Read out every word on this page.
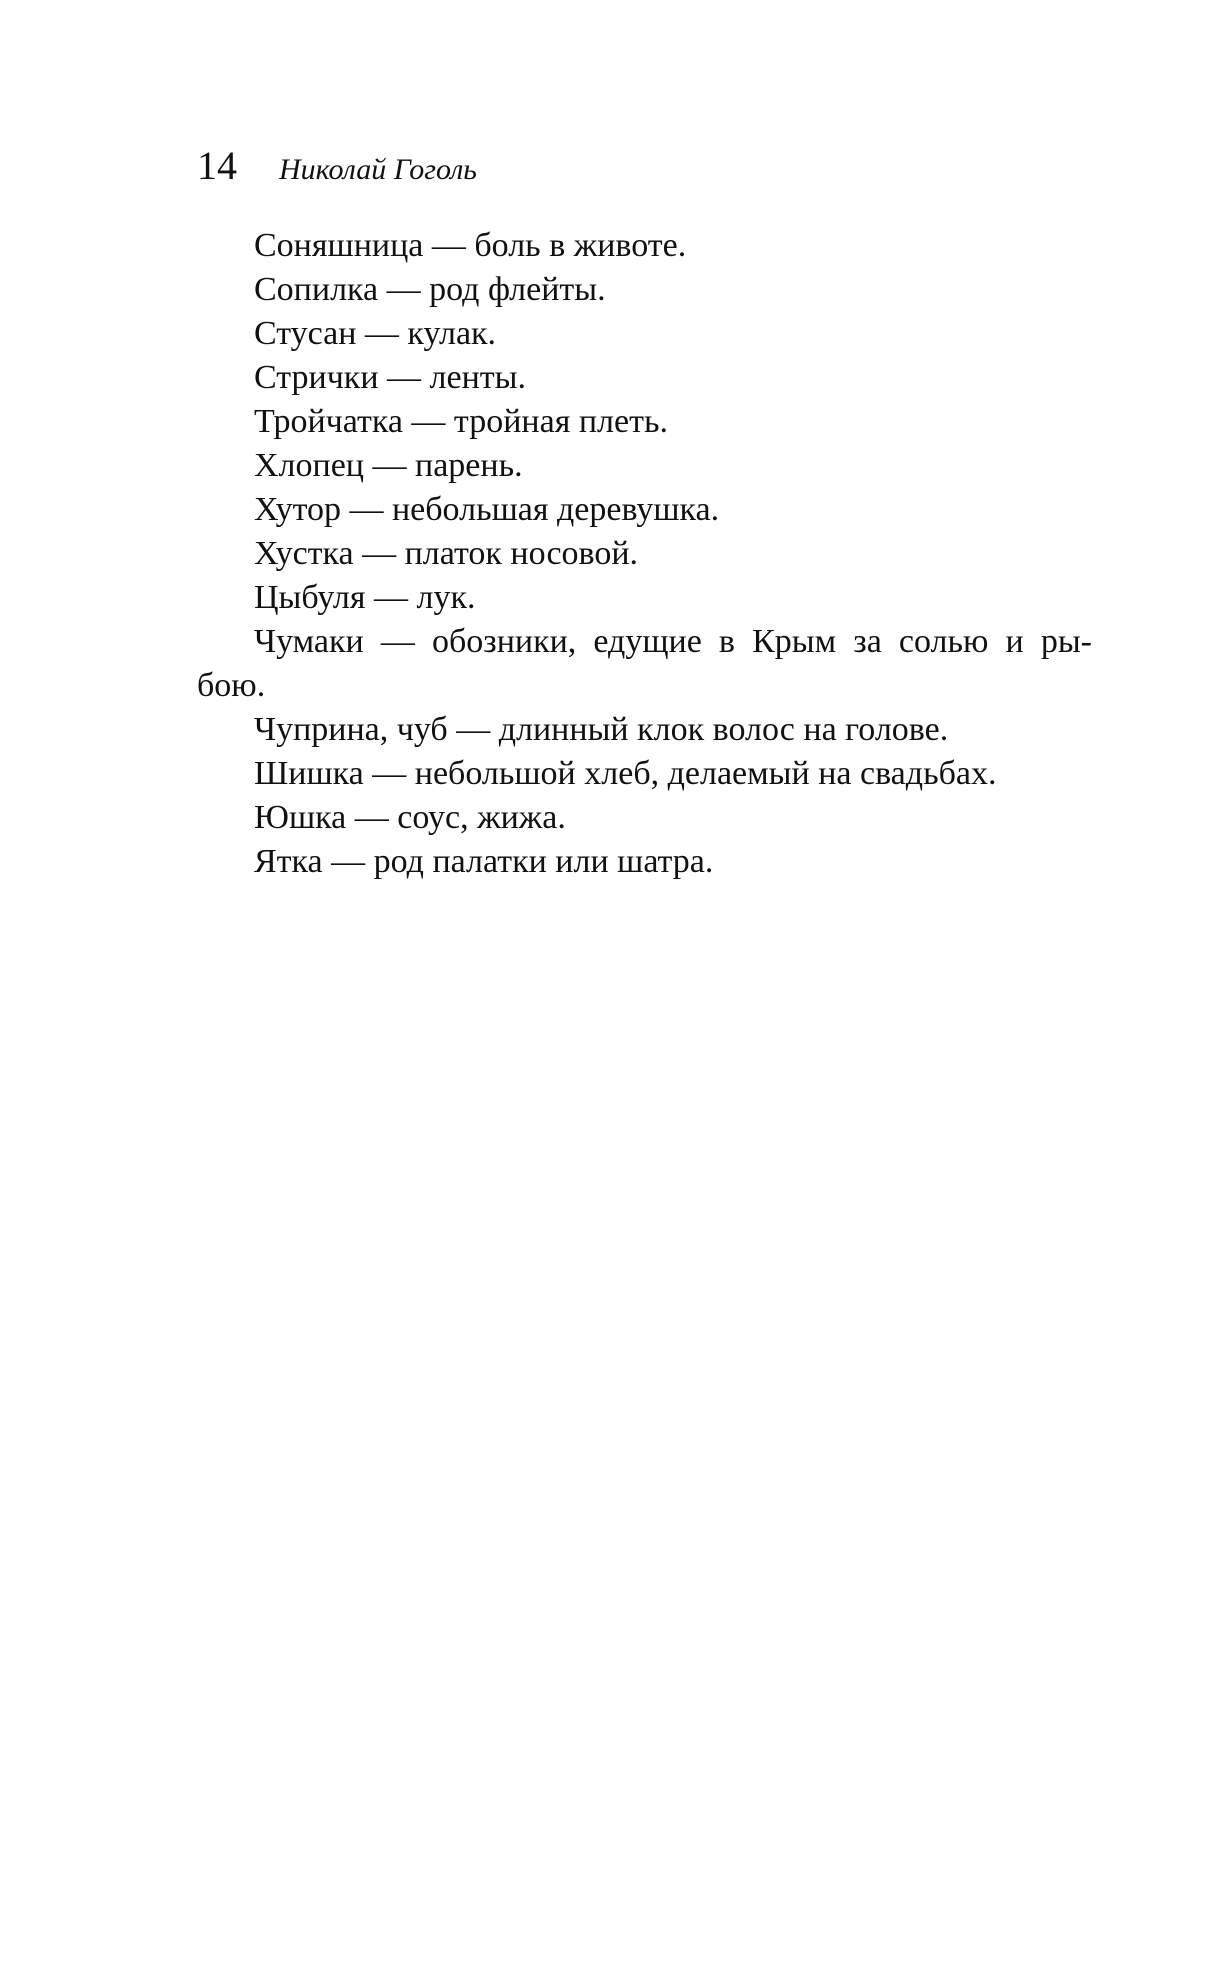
14 Николай Гоголь
Соняшница — боль в животе.
Сопилка — род флейты.
Стусан — кулак.
Стрички — ленты.
Тройчатка — тройная плеть.
Хлопец — парень.
Хутор — небольшая деревушка.
Хустка — платок носовой.
Цыбуля — лук.
Чумаки — обозники, едущие в Крым за солью и ры-
бою.
Чуприна, чуб — длинный клок волос на голове.
Шишка — небольшой хлеб, делаемый на свадьбах.
Юшка — соус, жижа.
Ятка — род палатки или шатра.
